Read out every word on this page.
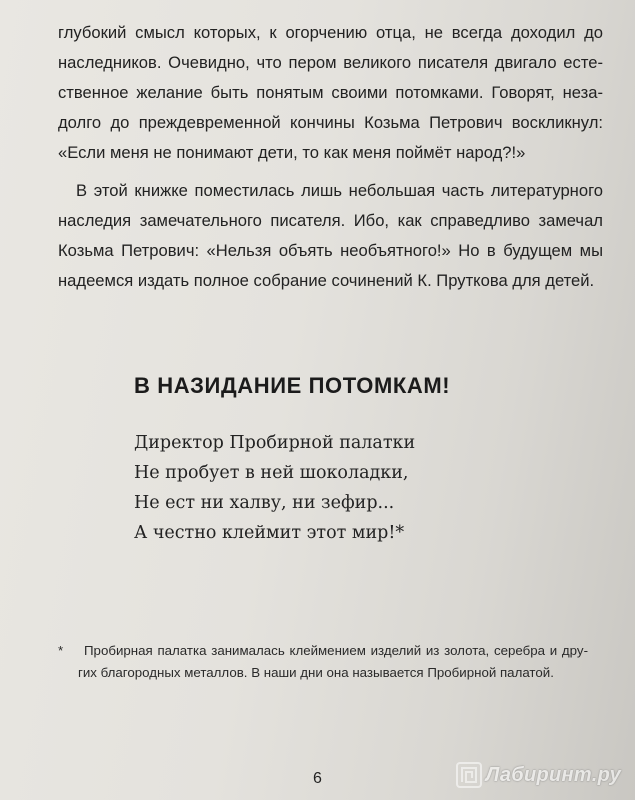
глубокий смысл которых, к огорчению отца, не всегда доходил до
наследников. Очевидно, что пером великого писателя двигало есте-
ственное желание быть понятым своими потомками. Говорят, неза-
долго до преждевременной кончины Козьма Петрович воскликнул:
«Если меня не понимают дети, то как меня поймёт народ?!»
В этой книжке поместилась лишь небольшая часть литературного
наследия замечательного писателя. Ибо, как справедливо замечал
Козьма Петрович: «Нельзя объять необъятного!» Но в будущем мы
надеемся издать полное собрание сочинений К. Пруткова для детей.
В НАЗИДАНИЕ ПОТОМКАМ!
Директор Пробирной палатки
Не пробует в ней шоколадки,
Не ест ни халву, ни зефир...
А честно клеймит этот мир!*
* Пробирная палатка занималась клеймением изделий из золота, серебра и дру-
гих благородных металлов. В наши дни она называется Пробирной палатой.
6	Лабиринт.ру
